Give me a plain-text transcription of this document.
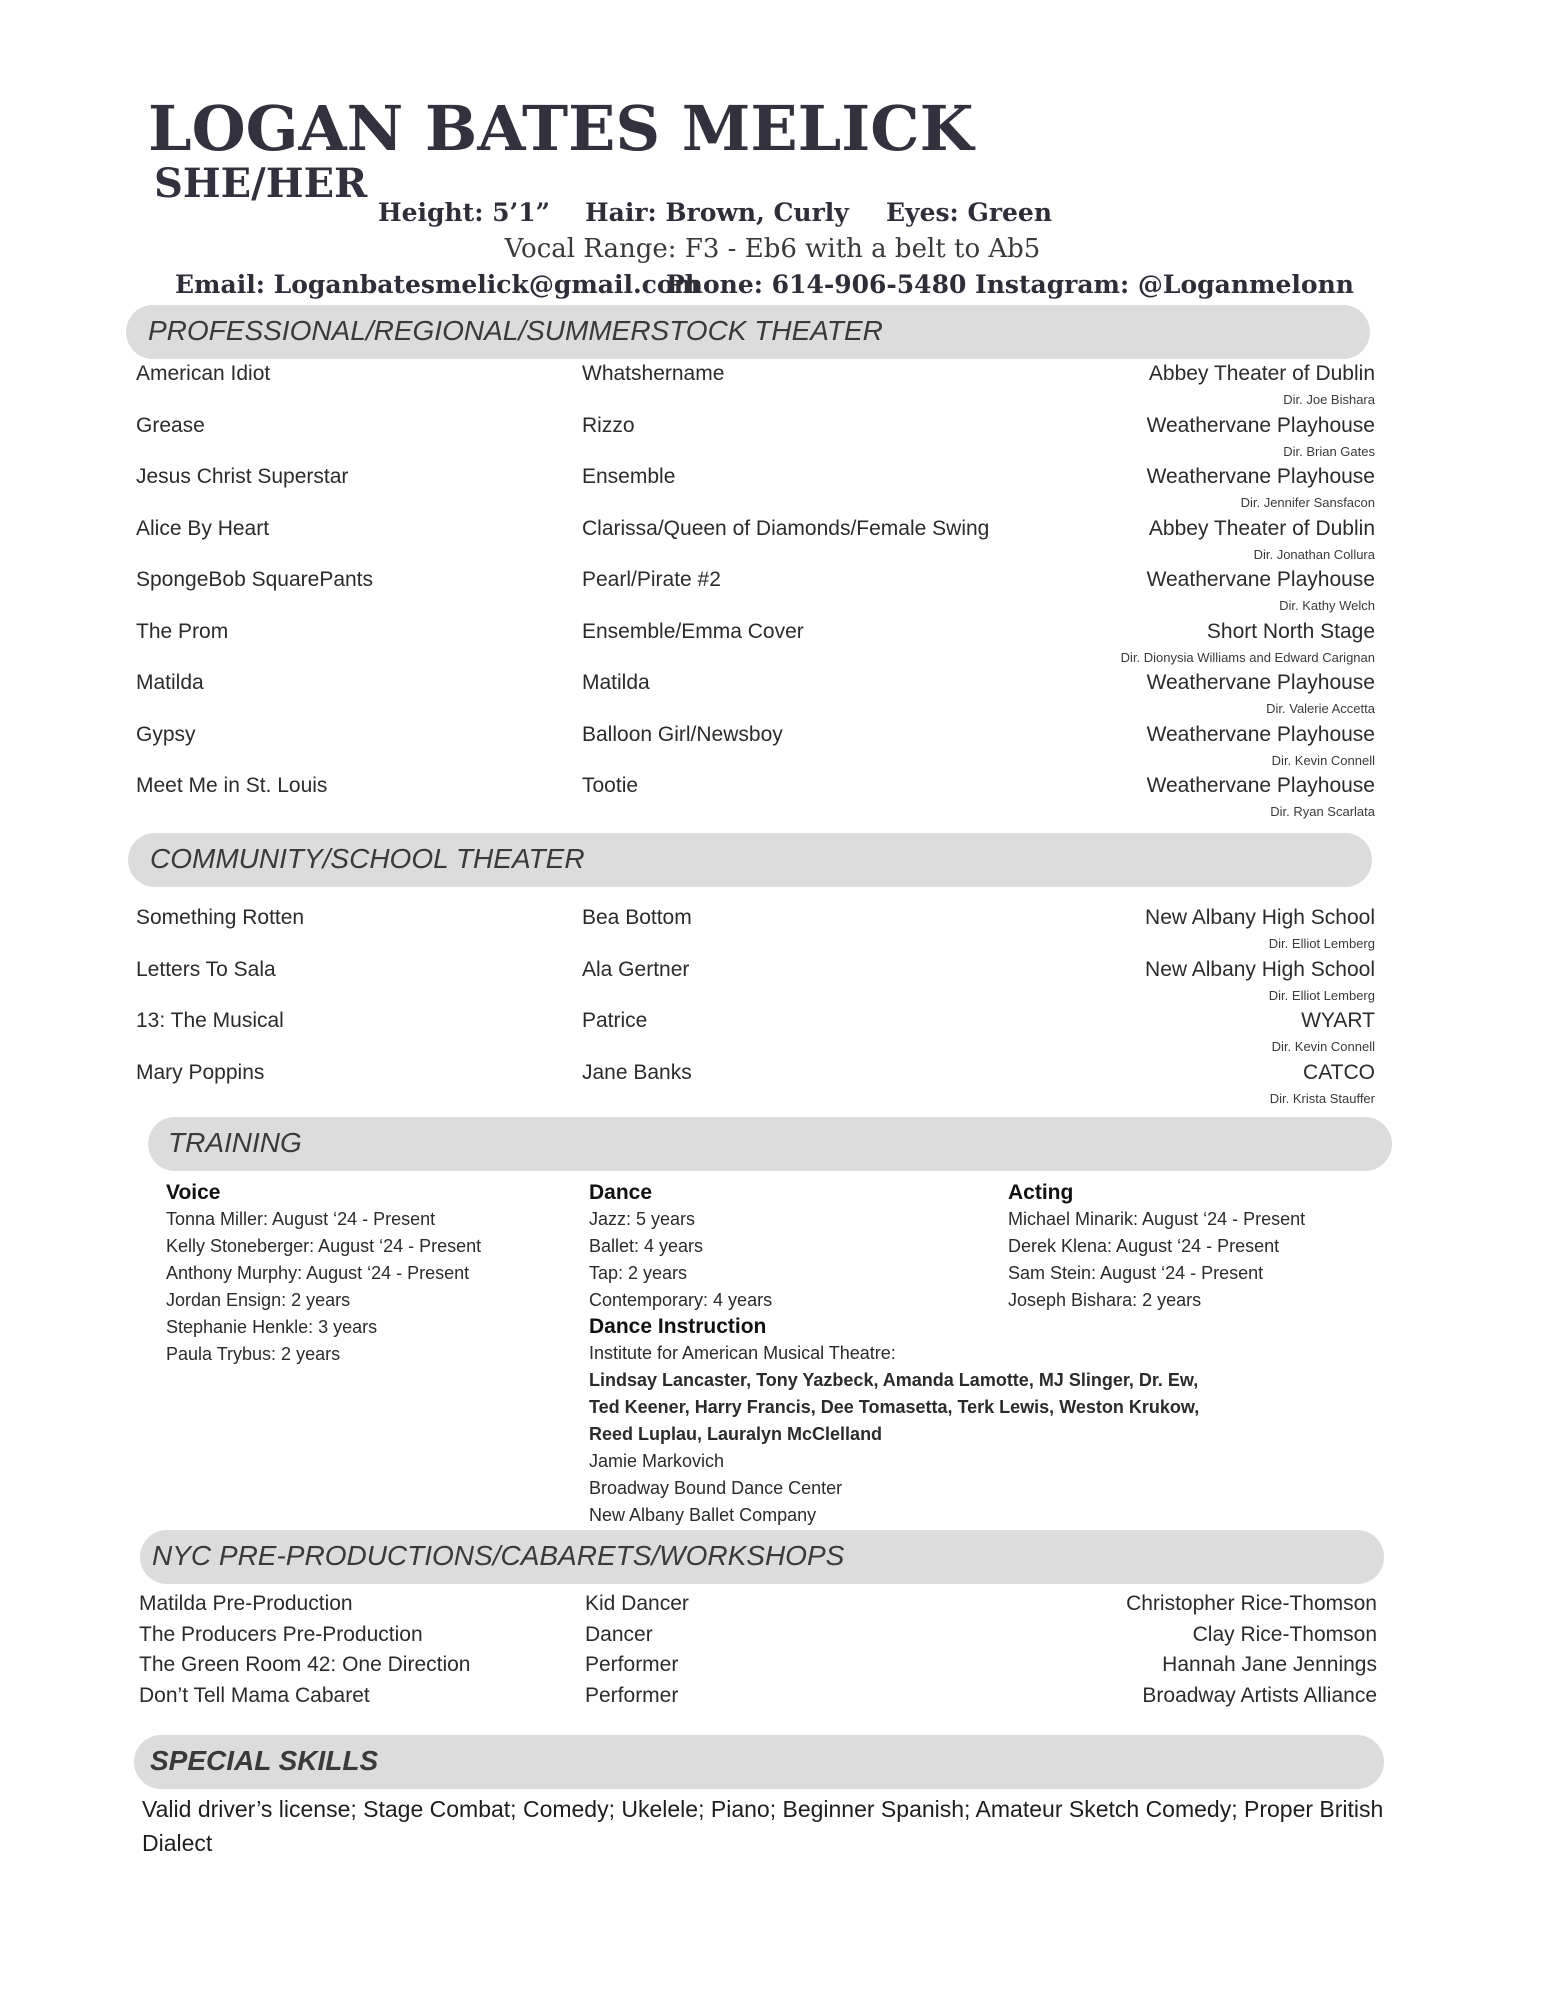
LOGAN BATES MELICK
SHE/HER
Height: 5’1” Hair: Brown, Curly Eyes: Green
Vocal Range: F3 - Eb6 with a belt to Ab5
Email: Loganbatesmelick@gmail.com
Phone: 614-906-5480 Instagram: @Loganmelonn
PROFESSIONAL/REGIONAL/SUMMERSTOCK THEATER
American Idiot	Whatshername	Abbey Theater of Dublin
Dir. Joe Bishara
Grease	Rizzo	Weathervane Playhouse
Dir. Brian Gates
Jesus Christ Superstar	Ensemble	Weathervane Playhouse
Dir. Jennifer Sansfacon
Alice By Heart	Clarissa/Queen of Diamonds/Female Swing	Abbey Theater of Dublin
Dir. Jonathan Collura
SpongeBob SquarePants	Pearl/Pirate #2	Weathervane Playhouse
Dir. Kathy Welch
The Prom	Ensemble/Emma Cover	Short North Stage
Dir. Dionysia Williams and Edward Carignan
Matilda	Matilda	Weathervane Playhouse
Dir. Valerie Accetta
Gypsy	Balloon Girl/Newsboy	Weathervane Playhouse
Dir. Kevin Connell
Meet Me in St. Louis	Tootie	Weathervane Playhouse
Dir. Ryan Scarlata
COMMUNITY/SCHOOL THEATER
Something Rotten	Bea Bottom	New Albany High School
Dir. Elliot Lemberg
Letters To Sala	Ala Gertner	New Albany High School
Dir. Elliot Lemberg
13: The Musical	Patrice	WYART
Dir. Kevin Connell
Mary Poppins	Jane Banks	CATCO
Dir. Krista Stauffer
TRAINING
Voice
Tonna Miller: August ‘24 - Present
Kelly Stoneberger: August ‘24 - Present
Anthony Murphy: August ‘24 - Present
Jordan Ensign: 2 years
Stephanie Henkle: 3 years
Paula Trybus: 2 years
Dance
Jazz: 5 years
Ballet: 4 years
Tap: 2 years
Contemporary: 4 years
Dance Instruction
Institute for American Musical Theatre:
Lindsay Lancaster, Tony Yazbeck, Amanda Lamotte, MJ Slinger, Dr. Ew,
Ted Keener, Harry Francis, Dee Tomasetta, Terk Lewis, Weston Krukow,
Reed Luplau, Lauralyn McClelland
Jamie Markovich
Broadway Bound Dance Center
New Albany Ballet Company
Acting
Michael Minarik: August ‘24 - Present
Derek Klena: August ‘24 - Present
Sam Stein: August ‘24 - Present
Joseph Bishara: 2 years
NYC PRE-PRODUCTIONS/CABARETS/WORKSHOPS
Matilda Pre-Production	Kid Dancer	Christopher Rice-Thomson
The Producers Pre-Production	Dancer	Clay Rice-Thomson
The Green Room 42: One Direction	Performer	Hannah Jane Jennings
Don’t Tell Mama Cabaret	Performer	Broadway Artists Alliance
SPECIAL SKILLS
Valid driver’s license; Stage Combat; Comedy; Ukelele; Piano; Beginner Spanish; Amateur Sketch Comedy; Proper British Dialect
